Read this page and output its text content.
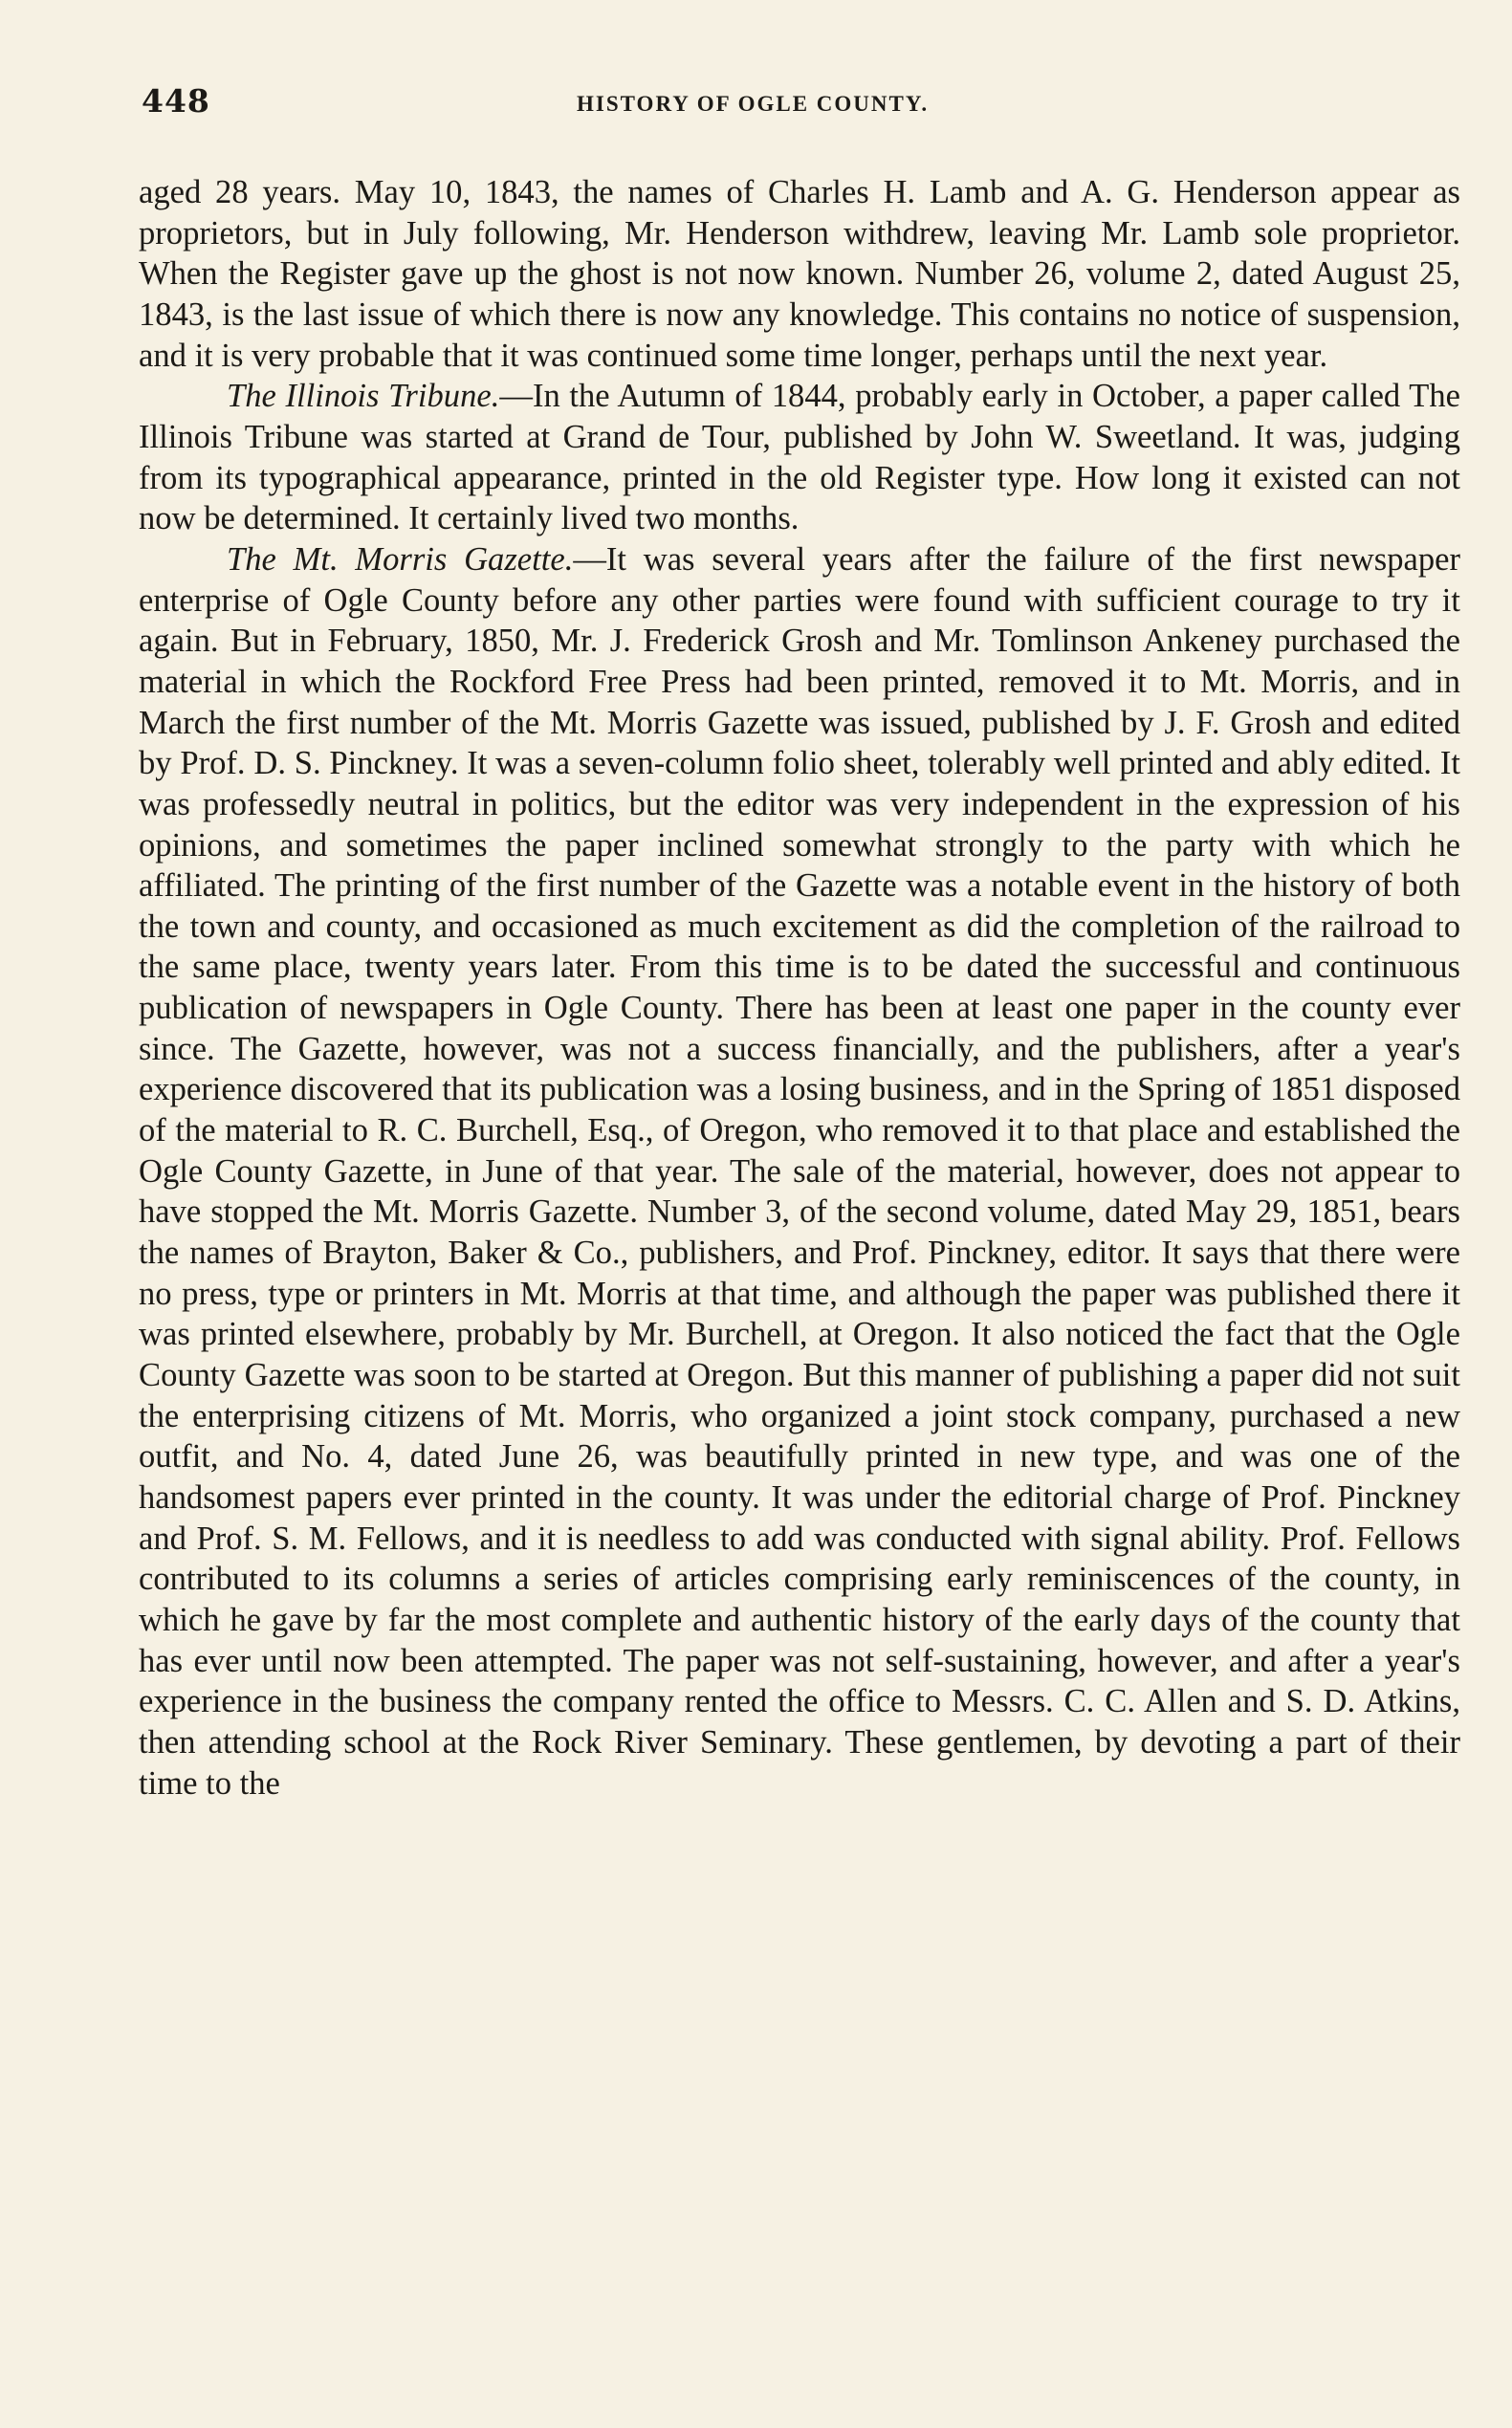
448	HISTORY OF OGLE COUNTY.

aged 28 years. May 10, 1843, the names of Charles H. Lamb and A. G. Henderson appear as proprietors, but in July following, Mr. Henderson withdrew, leaving Mr. Lamb sole proprietor. When the Register gave up the ghost is not now known. Number 26, volume 2, dated August 25, 1843, is the last issue of which there is now any knowledge. This contains no notice of suspension, and it is very probable that it was continued some time longer, perhaps until the next year.

The Illinois Tribune.—In the Autumn of 1844, probably early in October, a paper called The Illinois Tribune was started at Grand de Tour, published by John W. Sweetland. It was, judging from its typographical appearance, printed in the old Register type. How long it existed can not now be determined. It certainly lived two months.

The Mt. Morris Gazette.—It was several years after the failure of the first newspaper enterprise of Ogle County before any other parties were found with sufficient courage to try it again. But in February, 1850, Mr. J. Frederick Grosh and Mr. Tomlinson Ankeney purchased the material in which the Rockford Free Press had been printed, removed it to Mt. Morris, and in March the first number of the Mt. Morris Gazette was issued, published by J. F. Grosh and edited by Prof. D. S. Pinckney. It was a seven-column folio sheet, tolerably well printed and ably edited. It was professedly neutral in politics, but the editor was very independent in the expression of his opinions, and sometimes the paper inclined somewhat strongly to the party with which he affiliated. The printing of the first number of the Gazette was a notable event in the history of both the town and county, and occasioned as much excitement as did the completion of the railroad to the same place, twenty years later. From this time is to be dated the successful and continuous publication of newspapers in Ogle County. There has been at least one paper in the county ever since. The Gazette, however, was not a success financially, and the publishers, after a year's experience discovered that its publication was a losing business, and in the Spring of 1851 disposed of the material to R. C. Burchell, Esq., of Oregon, who removed it to that place and established the Ogle County Gazette, in June of that year. The sale of the material, however, does not appear to have stopped the Mt. Morris Gazette. Number 3, of the second volume, dated May 29, 1851, bears the names of Brayton, Baker & Co., publishers, and Prof. Pinckney, editor. It says that there were no press, type or printers in Mt. Morris at that time, and although the paper was published there it was printed elsewhere, probably by Mr. Burchell, at Oregon. It also noticed the fact that the Ogle County Gazette was soon to be started at Oregon. But this manner of publishing a paper did not suit the enterprising citizens of Mt. Morris, who organized a joint stock company, purchased a new outfit, and No. 4, dated June 26, was beautifully printed in new type, and was one of the handsomest papers ever printed in the county. It was under the editorial charge of Prof. Pinckney and Prof. S. M. Fellows, and it is needless to add was conducted with signal ability. Prof. Fellows contributed to its columns a series of articles comprising early reminiscences of the county, in which he gave by far the most complete and authentic history of the early days of the county that has ever until now been attempted. The paper was not self-sustaining, however, and after a year's experience in the business the company rented the office to Messrs. C. C. Allen and S. D. Atkins, then attending school at the Rock River Seminary. These gentlemen, by devoting a part of their time to the
